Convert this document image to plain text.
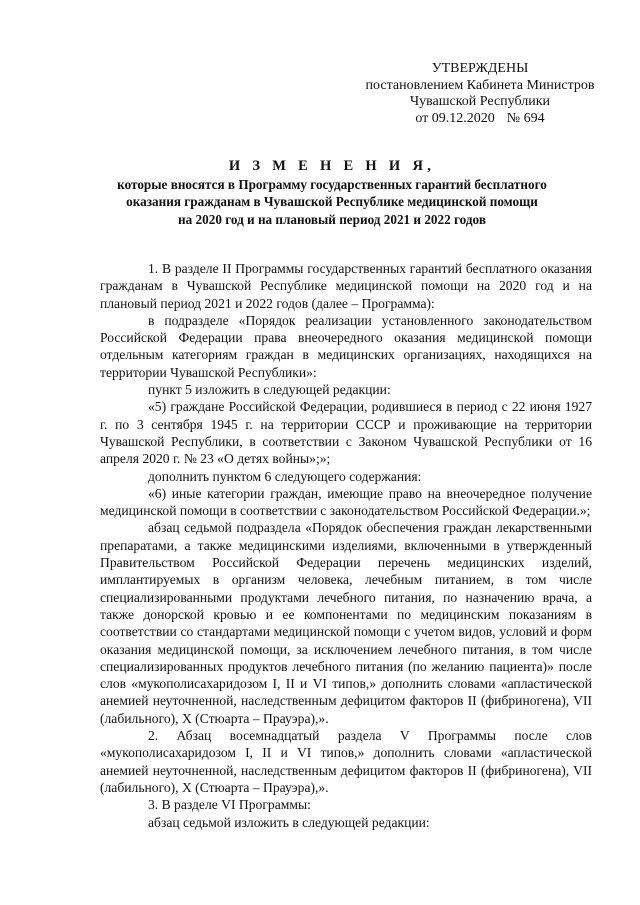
УТВЕРЖДЕНЫ
постановлением Кабинета Министров
Чувашской Республики
от 09.12.2020 № 694
И З М Е Н Е Н И Я,
которые вносятся в Программу государственных гарантий бесплатного
оказания гражданам в Чувашской Республике медицинской помощи
на 2020 год и на плановый период 2021 и 2022 годов

1. В разделе II Программы государственных гарантий бесплатного оказания гражданам в Чувашской Республике медицинской помощи на 2020 год и на плановый период 2021 и 2022 годов (далее – Программа):

в подразделе «Порядок реализации установленного законодательством Российской Федерации права внеочередного оказания медицинской помощи отдельным категориям граждан в медицинских организациях, находящихся на территории Чувашской Республики»:

пункт 5 изложить в следующей редакции:

«5) граждане Российской Федерации, родившиеся в период с 22 июня 1927 г. по 3 сентября 1945 г. на территории СССР и проживающие на территории Чувашской Республики, в соответствии с Законом Чувашской Республики от 16 апреля 2020 г. № 23 «О детях войны»;»;

дополнить пунктом 6 следующего содержания:

«6) иные категории граждан, имеющие право на внеочередное получение медицинской помощи в соответствии с законодательством Российской Федерации.»;

абзац седьмой подраздела «Порядок обеспечения граждан лекарственными препаратами, а также медицинскими изделиями, включенными в утвержденный Правительством Российской Федерации перечень медицинских изделий, имплантируемых в организм человека, лечебным питанием, в том числе специализированными продуктами лечебного питания, по назначению врача, а также донорской кровью и ее компонентами по медицинским показаниям в соответствии со стандартами медицинской помощи с учетом видов, условий и форм оказания медицинской помощи, за исключением лечебного питания, в том числе специализированных продуктов лечебного питания (по желанию пациента)» после слов «мукополисахаридозом I, II и VI типов,» дополнить словами «апластической анемией неуточненной, наследственным дефицитом факторов II (фибриногена), VII (лабильного), X (Стюарта – Прауэра),».

2. Абзац восемнадцатый раздела V Программы после слов «мукополисахаридозом I, II и VI типов,» дополнить словами «апластической анемией неуточненной, наследственным дефицитом факторов II (фибриногена), VII (лабильного), X (Стюарта – Прауэра),».

3. В разделе VI Программы:

абзац седьмой изложить в следующей редакции:
